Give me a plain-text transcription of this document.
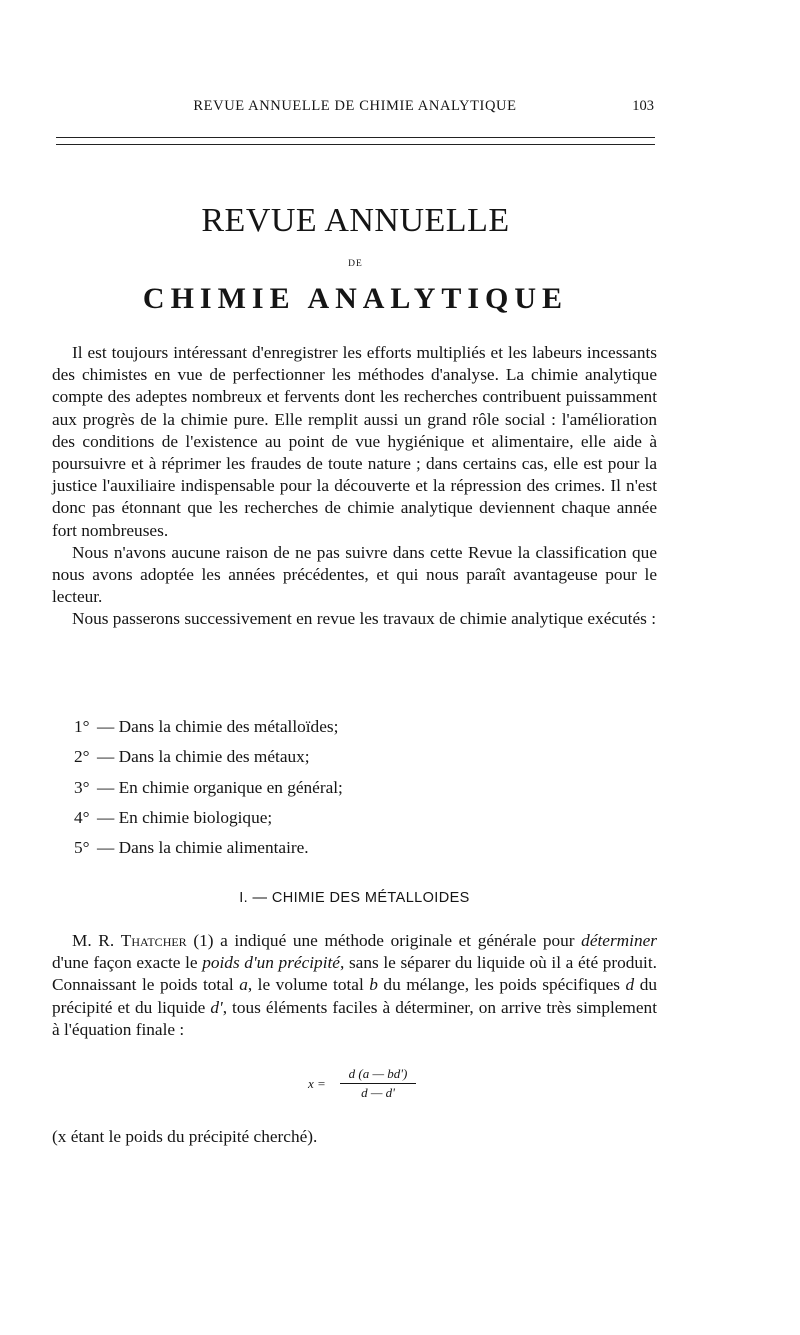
REVUE ANNUELLE DE CHIMIE ANALYTIQUE	103
REVUE ANNUELLE
DE
CHIMIE ANALYTIQUE

Il est toujours intéressant d'enregistrer les efforts multipliés et les labeurs incessants des chimistes en vue de perfectionner les méthodes d'analyse. La chimie analytique compte des adeptes nombreux et fervents dont les recherches contribuent puissamment aux progrès de la chimie pure. Elle remplit aussi un grand rôle social : l'amélioration des conditions de l'existence au point de vue hygiénique et alimentaire, elle aide à poursuivre et à réprimer les fraudes de toute nature ; dans certains cas, elle est pour la justice l'auxiliaire indispensable pour la découverte et la répression des crimes. Il n'est donc pas étonnant que les recherches de chimie analytique deviennent chaque année fort nombreuses.

Nous n'avons aucune raison de ne pas suivre dans cette Revue la classification que nous avons adoptée les années précédentes, et qui nous paraît avantageuse pour le lecteur.

Nous passerons successivement en revue les travaux de chimie analytique exécutés :

1° — Dans la chimie des métalloïdes;
2° — Dans la chimie des métaux;
3° — En chimie organique en général;
4° — En chimie biologique;
5° — Dans la chimie alimentaire.
I. — CHIMIE DES MÉTALLOIDES

M. R. Thatcher (1) a indiqué une méthode originale et générale pour déterminer d'une façon exacte le poids d'un précipité, sans le séparer du liquide où il a été produit. Connaissant le poids total a, le volume total b du mélange, les poids spécifiques d du précipité et du liquide d', tous éléments faciles à déterminer, on arrive très simplement à l'équation finale :

x =
d (a — bd')
d — d'

(x étant le poids du précipité cherché).
